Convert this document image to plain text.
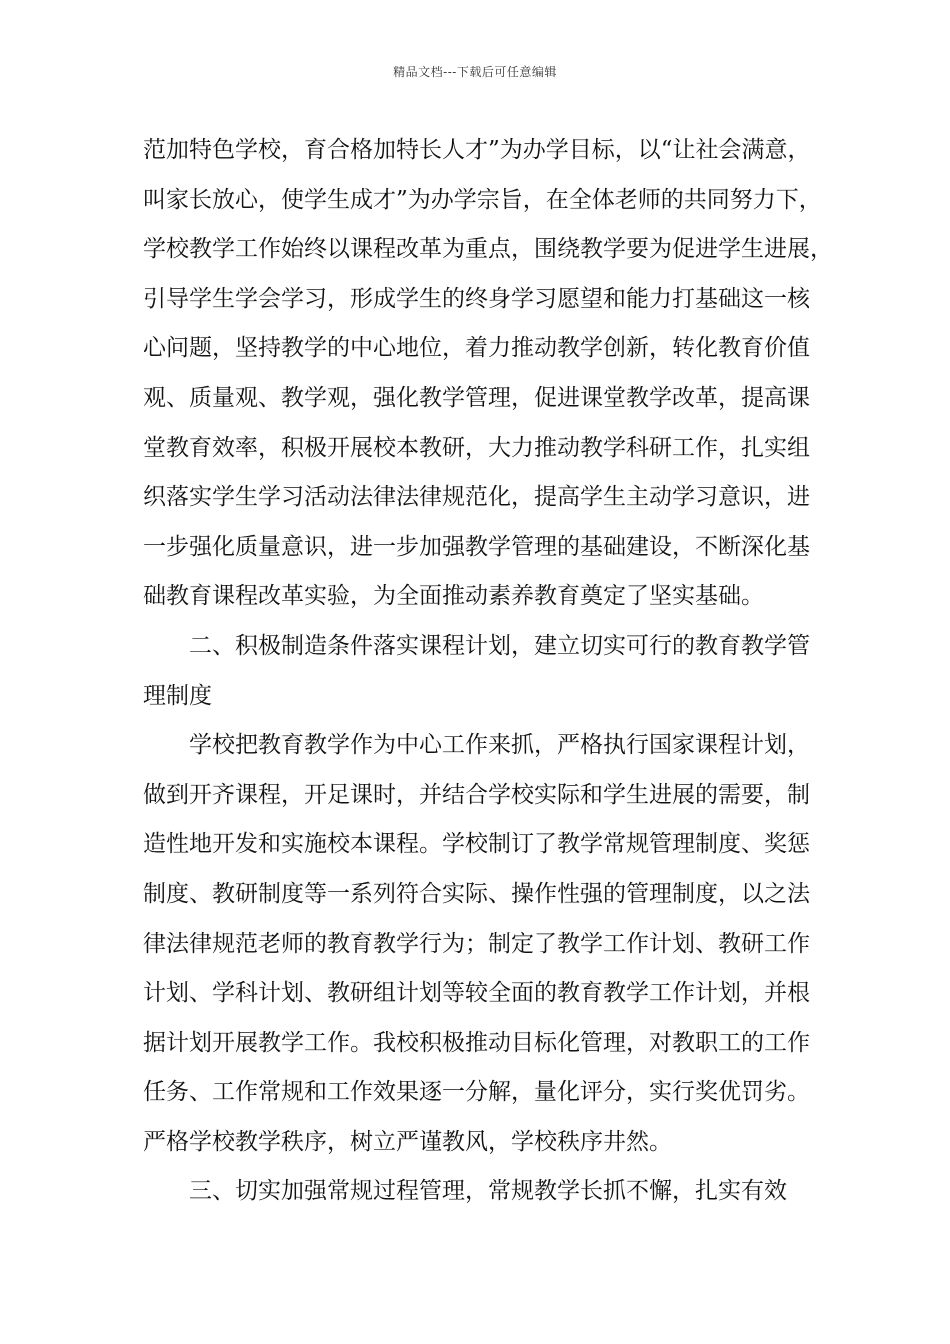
精品文档---下载后可任意编辑
范加特色学校，育合格加特长人才”为办学目标，以“让社会满意，
叫家长放心，使学生成才”为办学宗旨，在全体老师的共同努力下，
学校教学工作始终以课程改革为重点，围绕教学要为促进学生进展，
引导学生学会学习，形成学生的终身学习愿望和能力打基础这一核
心问题，坚持教学的中心地位，着力推动教学创新，转化教育价值
观、质量观、教学观，强化教学管理，促进课堂教学改革，提高课
堂教育效率，积极开展校本教研，大力推动教学科研工作，扎实组
织落实学生学习活动法律法律规范化，提高学生主动学习意识，进
一步强化质量意识，进一步加强教学管理的基础建设，不断深化基
础教育课程改革实验，为全面推动素养教育奠定了坚实基础。
二、积极制造条件落实课程计划，建立切实可行的教育教学管
理制度
学校把教育教学作为中心工作来抓，严格执行国家课程计划，
做到开齐课程，开足课时，并结合学校实际和学生进展的需要，制
造性地开发和实施校本课程。学校制订了教学常规管理制度、奖惩
制度、教研制度等一系列符合实际、操作性强的管理制度，以之法
律法律规范老师的教育教学行为；制定了教学工作计划、教研工作
计划、学科计划、教研组计划等较全面的教育教学工作计划，并根
据计划开展教学工作。我校积极推动目标化管理，对教职工的工作
任务、工作常规和工作效果逐一分解，量化评分，实行奖优罚劣。
严格学校教学秩序，树立严谨教风，学校秩序井然。
三、切实加强常规过程管理，常规教学长抓不懈，扎实有效
